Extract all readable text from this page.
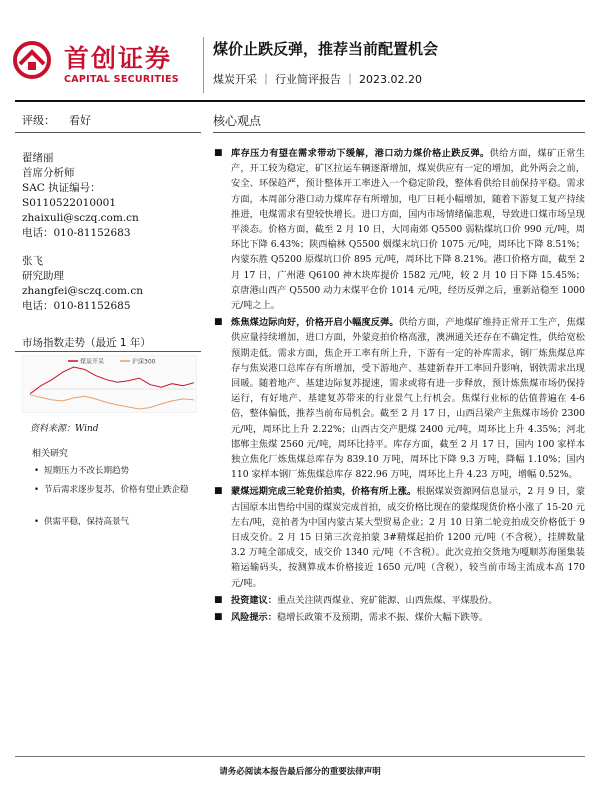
首创证券
CAPITAL SECURITIES
煤价止跌反弹，推荐当前配置机会
煤炭开采 ｜ 行业简评报告 ｜ 2023.02.20
评级：    看好	核心观点
翟绪丽
首席分析师
SAC 执证编号：
S0110522010001
zhaixuli@sczq.com.cn
电话：010-81152683
张飞
研究助理
zhangfei@sczq.com.cn
电话：010-81152685
市场指数走势（最近 1 年）
煤炭开采	沪深300
资料来源：Wind
相关研究
• 短期压力不改长期趋势
• 节后需求逐步复苏，价格有望止跌企稳
• 供需平稳，保持高景气
■ 库存压力有望在需求带动下缓解，港口动力煤价格止跌反弹。供给方面，煤矿正常生产，开工较为稳定，矿区拉运车辆逐渐增加，煤炭供应有一定的增加，此外两会之前，安全、环保趋严，预计整体开工率进入一个稳定阶段，整体看供给目前保持平稳。需求方面，本周部分港口动力煤库存有所增加，电厂日耗小幅增加，随着下游复工复产持续推进，电煤需求有望较快增长。进口方面，国内市场情绪偏悲观，导致进口煤市场呈现平淡态。价格方面，截至 2 月 10 日，大同南郊 Q5500 弱粘煤坑口价 990 元/吨，周环比下降 6.43%；陕西榆林 Q5500 烟煤末坑口价 1075 元/吨，周环比下降 8.51%；内蒙东胜 Q5200 原煤坑口价 895 元/吨，周环比下降 8.21%。港口价格方面，截至 2 月 17 日，广州港 Q6100 神木块库提价 1582 元/吨，较 2 月 10 日下降 15.45%；京唐港山西产 Q5500 动力末煤平仓价 1014 元/吨，经历反弹之后，重新站稳至 1000 元/吨之上。
■ 炼焦煤边际向好，价格开启小幅度反弹。供给方面，产地煤矿维持正常开工生产，焦煤供应量持续增加，进口方面，外蒙竞拍价格高涨，澳洲通关还存在不确定性，供给宽松预期走低。需求方面，焦企开工率有所上升，下游有一定的补库需求，钢厂炼焦煤总库存与焦炭港口总库存有所增加，受下游地产、基建新春开工率回升影响，钢铁需求出现回暖。随着地产、基建边际复苏提速，需求或将有进一步释放，预计炼焦煤市场仍保持运行，有好地产、基建复苏带来的行业景气上行机会。焦煤行业标的估值普遍在 4-6 倍，整体偏低，推荐当前布局机会。截至 2 月 17 日，山西吕梁产主焦煤市场价 2300 元/吨，周环比上升 2.22%；山西古交产肥煤 2400 元/吨，周环比上升 4.35%；河北邯郸主焦煤 2560 元/吨，周环比持平。库存方面，截至 2 月 17 日，国内 100 家样本独立焦化厂炼焦煤总库存为 839.10 万吨，周环比下降 9.3 万吨，降幅 1.10%；国内 110 家样本钢厂炼焦煤总库存 822.96 万吨，周环比上升 4.23 万吨，增幅 0.52%。
■ 蒙煤远期完成三轮竞价拍卖，价格有所上涨。根据煤炭资源网信息显示，2 月 9 日，蒙古国原本出售给中国的煤炭完成首拍，成交价格比现在的蒙煤现货价格小涨了 15-20 元左右/吨，竞拍者为中国内蒙古某大型贸易企业；2 月 10 日第二轮竞拍成交价格低于 9 日成交价。2 月 15 日第三次竞拍蒙 3#精煤起拍价 1200 元/吨（不含税），挂牌数量 3.2 万吨全部成交，成交价 1340 元/吨（不含税）。此次竞拍交货地为嘎顺苏海图集装箱运输码头，按测算成本价格接近 1650 元/吨（含税），较当前市场主流成本高 170 元/吨。
■ 投资建议：重点关注陕西煤业、兖矿能源、山西焦煤、平煤股份。
■ 风险提示：稳增长政策不及预期，需求不振、煤价大幅下跌等。
请务必阅读本报告最后部分的重要法律声明
